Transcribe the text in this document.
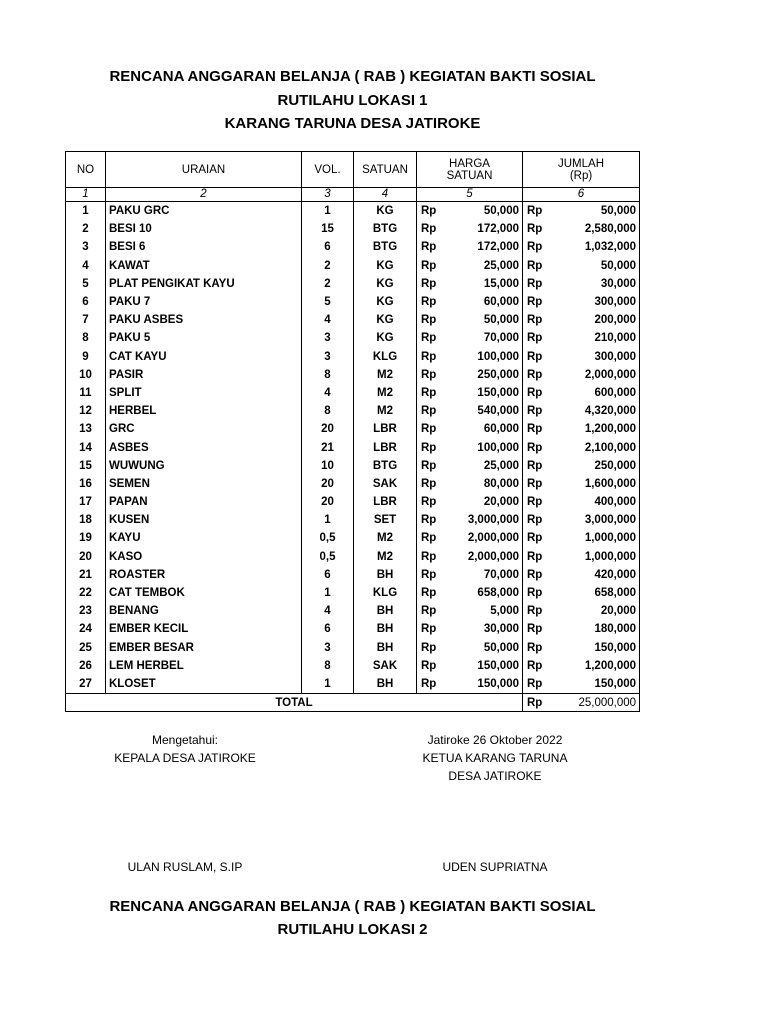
RENCANA ANGGARAN BELANJA ( RAB ) KEGIATAN BAKTI SOSIAL
RUTILAHU LOKASI 1
KARANG TARUNA DESA JATIROKE
NO	URAIAN	VOL.	SATUAN	HARGA		JUMLAH	
				SATUAN		(Rp)	
1	2	3	4	5		6	
1	PAKU GRC	1	KG	Rp	50,000	Rp	50,000
2	BESI 10	15	BTG	Rp	172,000	Rp	2,580,000
3	BESI 6	6	BTG	Rp	172,000	Rp	1,032,000
4	KAWAT	2	KG	Rp	25,000	Rp	50,000
5	PLAT PENGIKAT KAYU	2	KG	Rp	15,000	Rp	30,000
6	PAKU 7	5	KG	Rp	60,000	Rp	300,000
7	PAKU ASBES	4	KG	Rp	50,000	Rp	200,000
8	PAKU 5	3	KG	Rp	70,000	Rp	210,000
9	CAT KAYU	3	KLG	Rp	100,000	Rp	300,000
10	PASIR	8	M2	Rp	250,000	Rp	2,000,000
11	SPLIT	4	M2	Rp	150,000	Rp	600,000
12	HERBEL	8	M2	Rp	540,000	Rp	4,320,000
13	GRC	20	LBR	Rp	60,000	Rp	1,200,000
14	ASBES	21	LBR	Rp	100,000	Rp	2,100,000
15	WUWUNG	10	BTG	Rp	25,000	Rp	250,000
16	SEMEN	20	SAK	Rp	80,000	Rp	1,600,000
17	PAPAN	20	LBR	Rp	20,000	Rp	400,000
18	KUSEN	1	SET	Rp	3,000,000	Rp	3,000,000
19	KAYU	0,5	M2	Rp	2,000,000	Rp	1,000,000
20	KASO	0,5	M2	Rp	2,000,000	Rp	1,000,000
21	ROASTER	6	BH	Rp	70,000	Rp	420,000
22	CAT TEMBOK	1	KLG	Rp	658,000	Rp	658,000
23	BENANG	4	BH	Rp	5,000	Rp	20,000
24	EMBER KECIL	6	BH	Rp	30,000	Rp	180,000
25	EMBER BESAR	3	BH	Rp	50,000	Rp	150,000
26	LEM HERBEL	8	SAK	Rp	150,000	Rp	1,200,000
27	KLOSET	1	BH	Rp	150,000	Rp	150,000
TOTAL						Rp	25,000,000
Mengetahui:
KEPALA DESA JATIROKE
ULAN RUSLAM, S.IP
Jatiroke 26 Oktober 2022
KETUA KARANG TARUNA
DESA JATIROKE
UDEN SUPRIATNA
RENCANA ANGGARAN BELANJA ( RAB ) KEGIATAN BAKTI SOSIAL
RUTILAHU LOKASI 2
